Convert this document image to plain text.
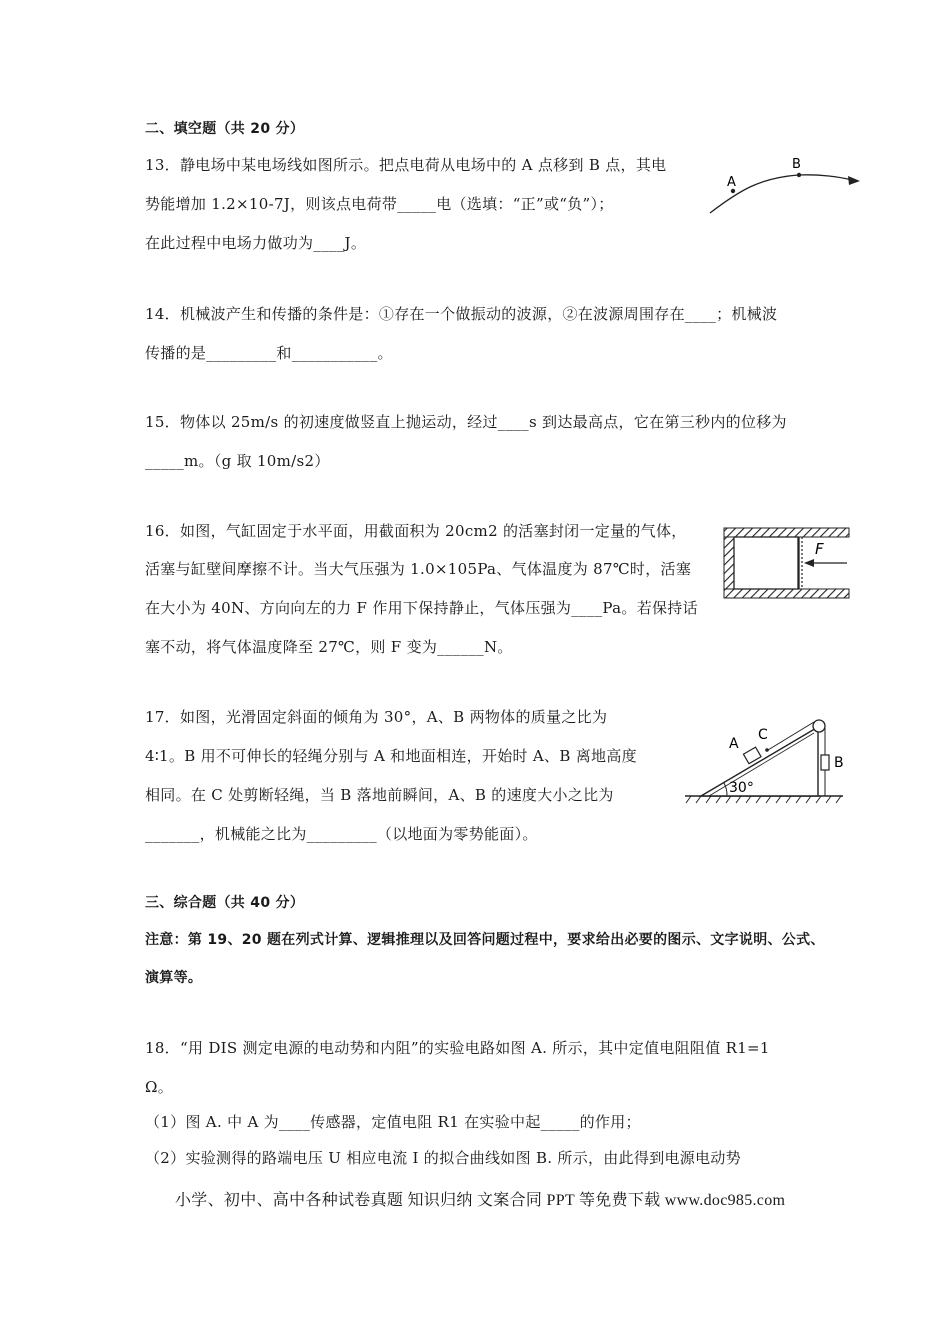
二、填空题（共 20 分）
13．静电场中某电场线如图所示。把点电荷从电场中的 A 点移到 B 点，其电
势能增加 1.2×10-7J，则该点电荷带_____电（选填：“正”或“负”）；
在此过程中电场力做功为____J。
A
B
14．机械波产生和传播的条件是：①存在一个做振动的波源，②在波源周围存在____；机械波
传播的是_________和___________。
15．物体以 25m/s 的初速度做竖直上抛运动，经过____s 到达最高点，它在第三秒内的位移为
_____m。（g 取 10m/s2）
16．如图，气缸固定于水平面，用截面积为 20cm2 的活塞封闭一定量的气体，
活塞与缸壁间摩擦不计。当大气压强为 1.0×105Pa、气体温度为 87℃时，活塞
在大小为 40N、方向向左的力 F 作用下保持静止，气体压强为____Pa。若保持话
塞不动，将气体温度降至 27℃，则 F 变为______N。
F
17．如图，光滑固定斜面的倾角为 30°，A、B 两物体的质量之比为
4∶1。B 用不可伸长的轻绳分别与 A 和地面相连，开始时 A、B 离地高度
相同。在 C 处剪断轻绳，当 B 落地前瞬间，A、B 的速度大小之比为
_______，机械能之比为_________（以地面为零势能面）。
A
C
B
30°
三、综合题（共 40 分）
注意：第 19、20 题在列式计算、逻辑推理以及回答问题过程中，要求给出必要的图示、文字说明、公式、
演算等。
18．“用 DIS 测定电源的电动势和内阻”的实验电路如图 A. 所示，其中定值电阻阻值 R1=1
Ω。
（1）图 A. 中 A 为____传感器，定值电阻 R1 在实验中起_____的作用；
（2）实验测得的路端电压 U 相应电流 I 的拟合曲线如图 B. 所示，由此得到电源电动势
小学、初中、高中各种试卷真题 知识归纳 文案合同 PPT 等免费下载 www.doc985.com
